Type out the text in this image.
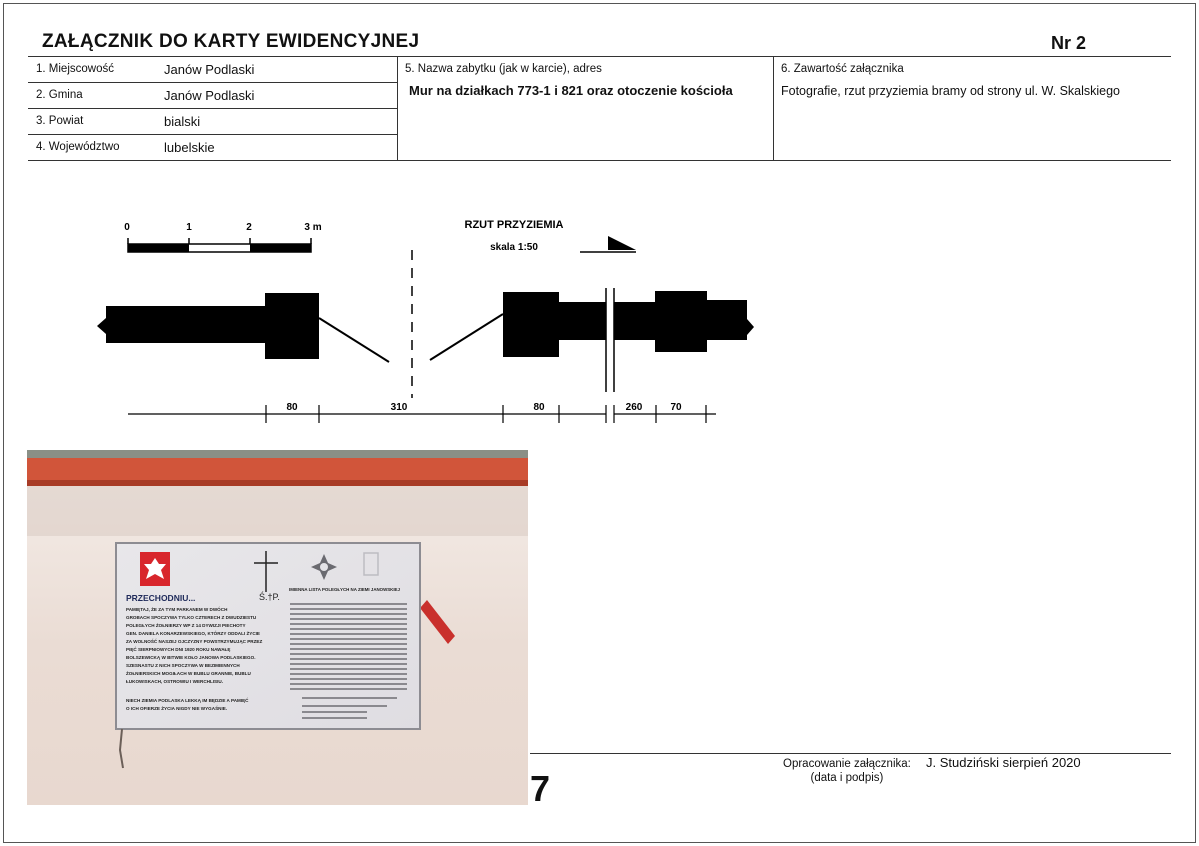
ZAŁĄCZNIK DO KARTY EWIDENCYJNEJ	Nr 2
1. Miejscowość	Janów Podlaski
2. Gmina	Janów Podlaski
3. Powiat	bialski
4. Województwo	lubelskie
5. Nazwa zabytku (jak w karcie), adres
Mur na działkach 773-1 i 821 oraz otoczenie kościoła
6. Zawartość załącznika
Fotografie, rzut przyziemia bramy od strony ul. W. Skalskiego
0	1	2	3 m	RZUT PRZYZIEMIA
skala 1:50
80	310	80	260	70
Ś.†P.
PRZECHODNIU...
PAMIĘTAJ, ŻE ZA TYM PARKANEM W DWÓCH
GROBACH SPOCZYWA TYLKO CZTERECH Z DWUDZIESTU
POLEGŁYCH ŻOŁNIERZY WP Z 14 DYWIZJI PIECHOTY
GEN. DANIELA KONARZEWSKIEGO, KTÓRZY ODDALI ŻYCIE
ZA WOLNOŚĆ NASZEJ OJCZYZNY POWSTRZYMUJĄC PRZEZ
PIĘĆ SIERPNIOWYCH DNI 1920 ROKU NAWAŁĘ
BOLSZEWICKĄ W BITWIE KOŁO JANOWA PODLASKIEGO.
SZESNASTU Z NICH SPOCZYWA W BEZIMIENNYCH
ŻOŁNIERSKICH MOGIŁACH W BUBLU GRANNIE, BUBLU
ŁUKOWISKACH, OSTROWIU I WERCHLISIU.
NIECH ZIEMIA PODLASKA LEKKĄ IM BĘDZIE A PAMIĘĆ
O ICH OFIERZE ŻYCIA NIGDY NIE WYGAŚNIE.
IMIENNA LISTA POLEGŁYCH NA ZIEMI JANOWSKIEJ
7
Opracowanie załącznika:
(data i podpis)
J. Studziński sierpień 2020
